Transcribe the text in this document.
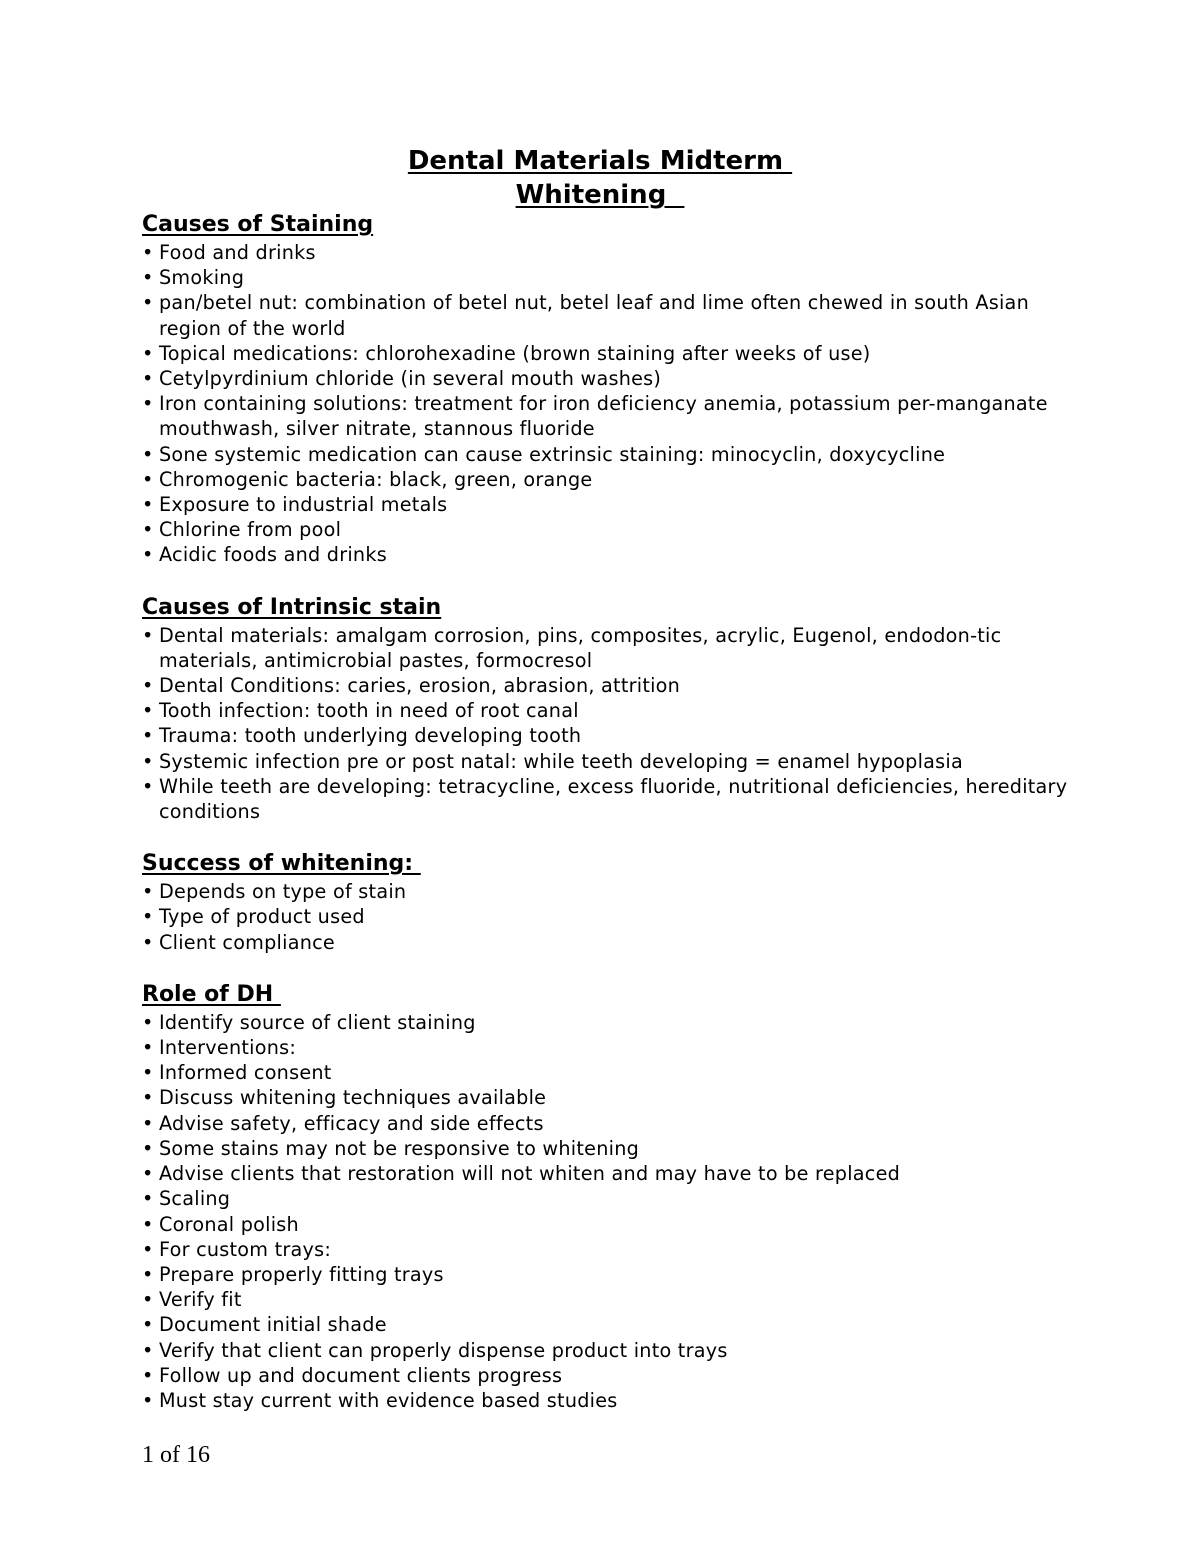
Dental Materials Midterm
Whitening
Causes of Staining
• Food and drinks
• Smoking
• pan/betel nut: combination of betel nut, betel leaf and lime often chewed in south Asian region of the world
• Topical medications: chlorohexadine (brown staining after weeks of use)
• Cetylpyrdinium chloride (in several mouth washes)
• Iron containing solutions: treatment for iron deficiency anemia, potassium per-manganate mouthwash, silver nitrate, stannous fluoride
• Sone systemic medication can cause extrinsic staining: minocyclin, doxycycline
• Chromogenic bacteria: black, green, orange
• Exposure to industrial metals
• Chlorine from pool
• Acidic foods and drinks
Causes of Intrinsic stain
• Dental materials: amalgam corrosion, pins, composites, acrylic, Eugenol, endodon-tic materials, antimicrobial pastes, formocresol
• Dental Conditions: caries, erosion, abrasion, attrition
• Tooth infection: tooth in need of root canal
• Trauma: tooth underlying developing tooth
• Systemic infection pre or post natal: while teeth developing = enamel hypoplasia
• While teeth are developing: tetracycline, excess fluoride, nutritional deficiencies, hereditary conditions
Success of whitening:
• Depends on type of stain
• Type of product used
• Client compliance
Role of DH
• Identify source of client staining
• Interventions:
• Informed consent
• Discuss whitening techniques available
• Advise safety, efficacy and side effects
• Some stains may not be responsive to whitening
• Advise clients that restoration will not whiten and may have to be replaced
• Scaling
• Coronal polish
• For custom trays:
• Prepare properly fitting trays
• Verify fit
• Document initial shade
• Verify that client can properly dispense product into trays
• Follow up and document clients progress
• Must stay current with evidence based studies
1 of 16
